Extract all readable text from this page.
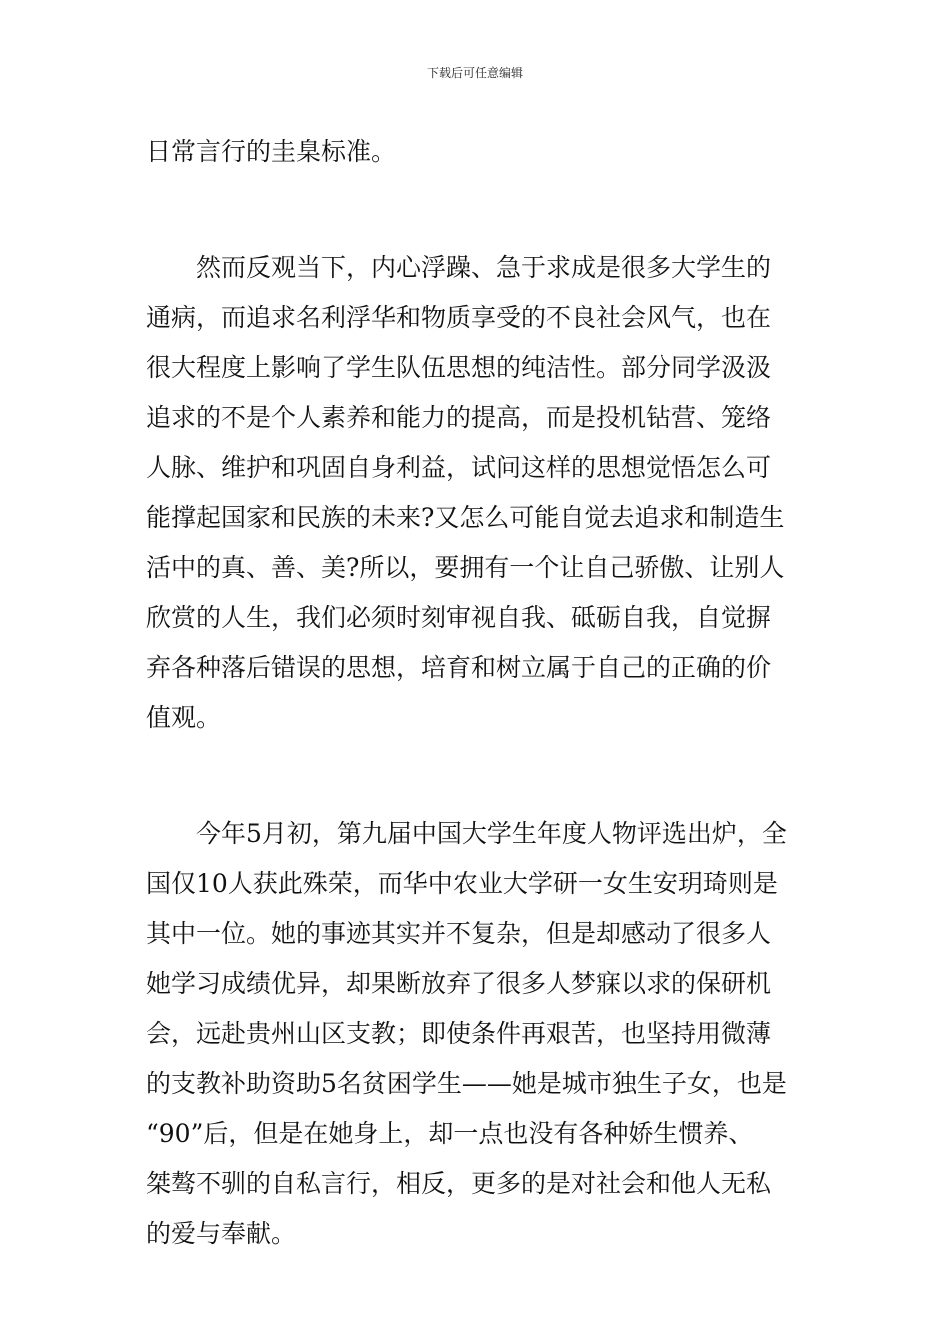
下载后可任意编辑
日常言行的圭臬标准。
　　然而反观当下，内心浮躁、急于求成是很多大学生的
通病，而追求名利浮华和物质享受的不良社会风气，也在
很大程度上影响了学生队伍思想的纯洁性。部分同学汲汲
追求的不是个人素养和能力的提高，而是投机钻营、笼络
人脉、维护和巩固自身利益，试问这样的思想觉悟怎么可
能撑起国家和民族的未来?又怎么可能自觉去追求和制造生
活中的真、善、美?所以，要拥有一个让自己骄傲、让别人
欣赏的人生，我们必须时刻审视自我、砥砺自我，自觉摒
弃各种落后错误的思想，培育和树立属于自己的正确的价
值观。
　　今年5月初，第九届中国大学生年度人物评选出炉，全
国仅10人获此殊荣，而华中农业大学研一女生安玥琦则是
其中一位。她的事迹其实并不复杂，但是却感动了很多人
她学习成绩优异，却果断放弃了很多人梦寐以求的保研机
会，远赴贵州山区支教；即使条件再艰苦，也坚持用微薄
的支教补助资助5名贫困学生——她是城市独生子女，也是
“90”后，但是在她身上，却一点也没有各种娇生惯养、
桀骜不驯的自私言行，相反，更多的是对社会和他人无私
的爱与奉献。
